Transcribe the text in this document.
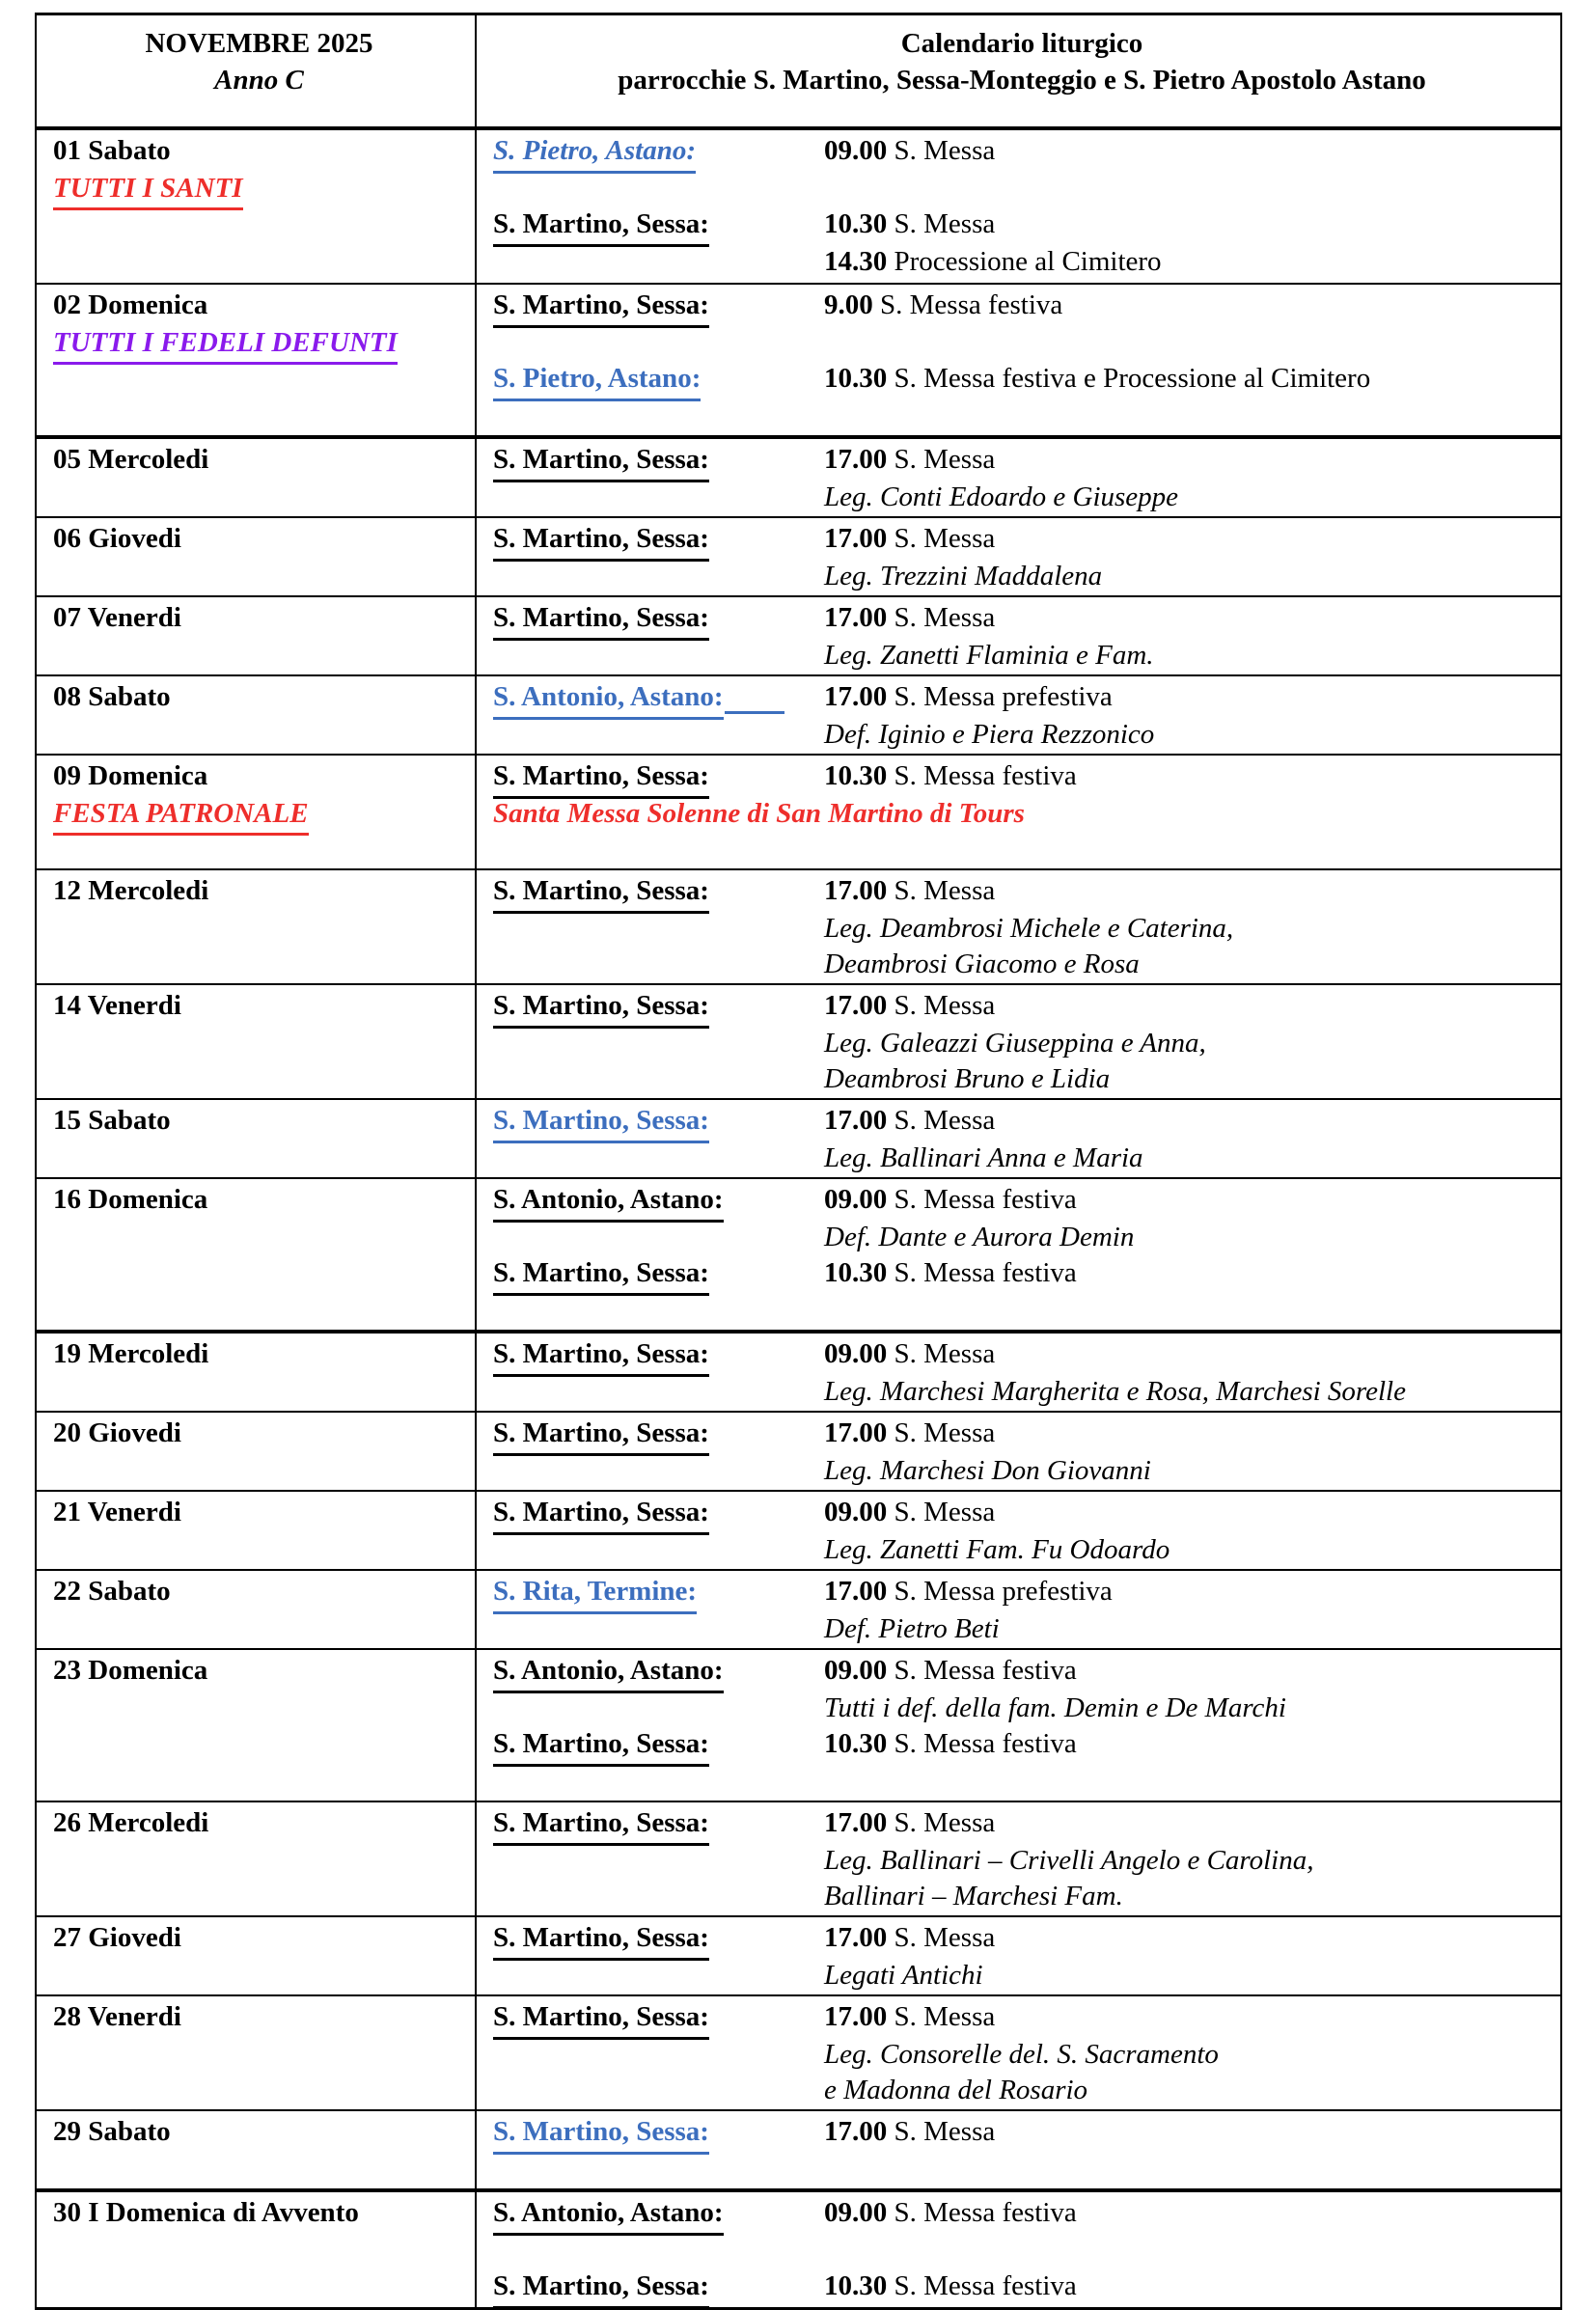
NOVEMBRE 2025
Anno C

Calendario liturgico
parrocchie S. Martino, Sessa-Monteggio e S. Pietro Apostolo Astano

01 Sabato
TUTTI I SANTI	
S. Pietro, Astano:	09.00 S. Messa
S. Martino, Sessa:	10.30 S. Messa
14.30 Processione al Cimitero

02 Domenica
TUTTI I FEDELI DEFUNTI	
S. Martino, Sessa:	9.00 S. Messa festiva
S. Pietro, Astano:	10.30 S. Messa festiva e Processione al Cimitero

05 Mercoledi	S. Martino, Sessa: 17.00 S. Messa
Leg. Conti Edoardo e Giuseppe

06 Giovedi	S. Martino, Sessa: 17.00 S. Messa
Leg. Trezzini Maddalena

07 Venerdi	S. Martino, Sessa: 17.00 S. Messa
Leg. Zanetti Flaminia e Fam.

08 Sabato	S. Antonio, Astano: 17.00 S. Messa prefestiva
Def. Iginio e Piera Rezzonico

09 Domenica
FESTA PATRONALE	
S. Martino, Sessa:	10.30 S. Messa festiva
Santa Messa Solenne di San Martino di Tours

12 Mercoledi	S. Martino, Sessa: 17.00 S. Messa
Leg. Deambrosi Michele e Caterina,
Deambrosi Giacomo e Rosa

14 Venerdi	S. Martino, Sessa: 17.00 S. Messa
Leg. Galeazzi Giuseppina e Anna,
Deambrosi Bruno e Lidia

15 Sabato	S. Martino, Sessa: 17.00 S. Messa
Leg. Ballinari Anna e Maria

16 Domenica	S. Antonio, Astano: 09.00 S. Messa festiva
Def. Dante e Aurora Demin
S. Martino, Sessa: 10.30 S. Messa festiva

19 Mercoledi	S. Martino, Sessa: 09.00 S. Messa
Leg. Marchesi Margherita e Rosa, Marchesi Sorelle

20 Giovedi	S. Martino, Sessa: 17.00 S. Messa
Leg. Marchesi Don Giovanni

21 Venerdi	S. Martino, Sessa: 09.00 S. Messa
Leg. Zanetti Fam. Fu Odoardo

22 Sabato	S. Rita, Termine: 17.00 S. Messa prefestiva
Def. Pietro Beti

23 Domenica	S. Antonio, Astano: 09.00 S. Messa festiva
Tutti i def. della fam. Demin e De Marchi
S. Martino, Sessa: 10.30 S. Messa festiva

26 Mercoledi	S. Martino, Sessa: 17.00 S. Messa
Leg. Ballinari – Crivelli Angelo e Carolina,
Ballinari – Marchesi Fam.

27 Giovedi	S. Martino, Sessa: 17.00 S. Messa
Legati Antichi

28 Venerdi	S. Martino, Sessa: 17.00 S. Messa
Leg. Consorelle del. S. Sacramento
e Madonna del Rosario

29 Sabato	S. Martino, Sessa: 17.00 S. Messa

30 I Domenica di Avvento	S. Antonio, Astano: 09.00 S. Messa festiva
S. Martino, Sessa: 10.30 S. Messa festiva
